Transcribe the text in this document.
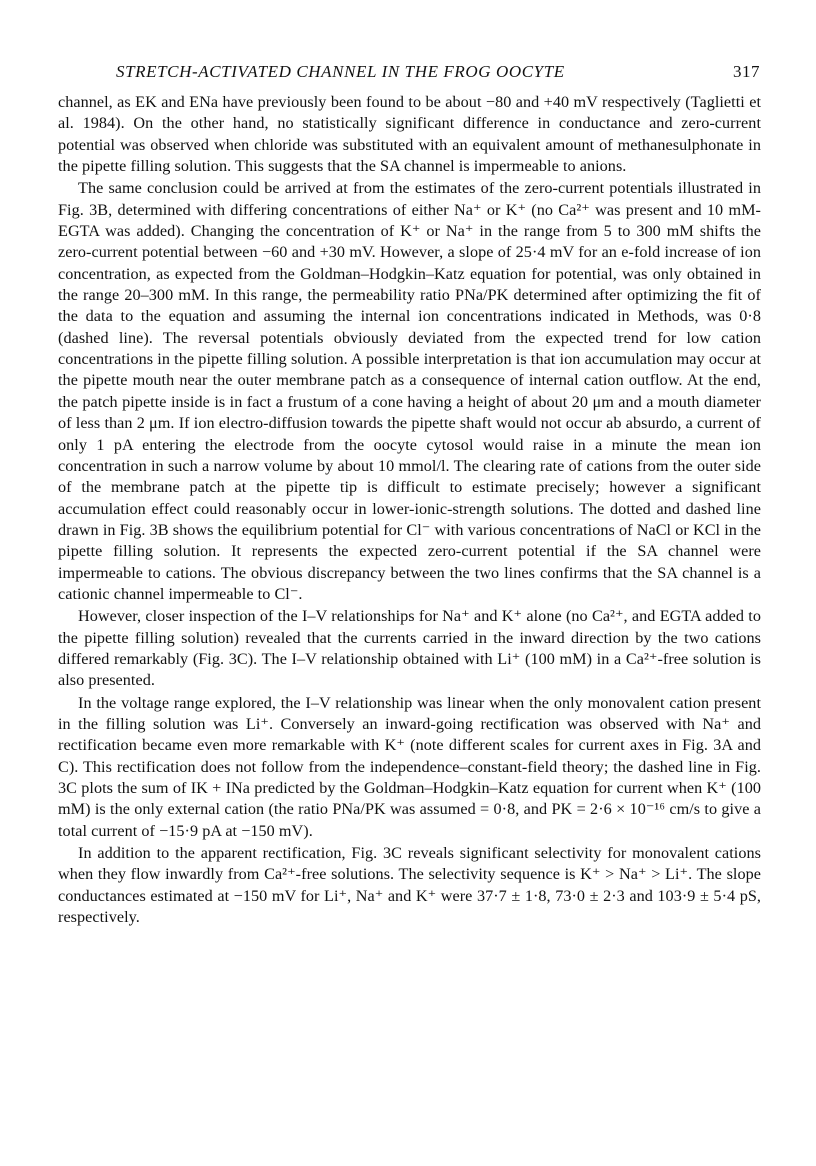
STRETCH-ACTIVATED CHANNEL IN THE FROG OOCYTE	317

channel, as EK and ENa have previously been found to be about −80 and +40 mV respectively (Taglietti et al. 1984). On the other hand, no statistically significant difference in conductance and zero-current potential was observed when chloride was substituted with an equivalent amount of methanesulphonate in the pipette filling solution. This suggests that the SA channel is impermeable to anions.

The same conclusion could be arrived at from the estimates of the zero-current potentials illustrated in Fig. 3B, determined with differing concentrations of either Na⁺ or K⁺ (no Ca²⁺ was present and 10 mM-EGTA was added). Changing the concentration of K⁺ or Na⁺ in the range from 5 to 300 mM shifts the zero-current potential between −60 and +30 mV. However, a slope of 25·4 mV for an e-fold increase of ion concentration, as expected from the Goldman–Hodgkin–Katz equation for potential, was only obtained in the range 20–300 mM. In this range, the permeability ratio PNa/PK determined after optimizing the fit of the data to the equation and assuming the internal ion concentrations indicated in Methods, was 0·8 (dashed line). The reversal potentials obviously deviated from the expected trend for low cation concentrations in the pipette filling solution. A possible interpretation is that ion accumulation may occur at the pipette mouth near the outer membrane patch as a consequence of internal cation outflow. At the end, the patch pipette inside is in fact a frustum of a cone having a height of about 20 μm and a mouth diameter of less than 2 μm. If ion electro-diffusion towards the pipette shaft would not occur ab absurdo, a current of only 1 pA entering the electrode from the oocyte cytosol would raise in a minute the mean ion concentration in such a narrow volume by about 10 mmol/l. The clearing rate of cations from the outer side of the membrane patch at the pipette tip is difficult to estimate precisely; however a significant accumulation effect could reasonably occur in lower-ionic-strength solutions. The dotted and dashed line drawn in Fig. 3B shows the equilibrium potential for Cl⁻ with various concentrations of NaCl or KCl in the pipette filling solution. It represents the expected zero-current potential if the SA channel were impermeable to cations. The obvious discrepancy between the two lines confirms that the SA channel is a cationic channel impermeable to Cl⁻.

However, closer inspection of the I–V relationships for Na⁺ and K⁺ alone (no Ca²⁺, and EGTA added to the pipette filling solution) revealed that the currents carried in the inward direction by the two cations differed remarkably (Fig. 3C). The I–V relationship obtained with Li⁺ (100 mM) in a Ca²⁺-free solution is also presented.

In the voltage range explored, the I–V relationship was linear when the only monovalent cation present in the filling solution was Li⁺. Conversely an inward-going rectification was observed with Na⁺ and rectification became even more remarkable with K⁺ (note different scales for current axes in Fig. 3A and C). This rectification does not follow from the independence–constant-field theory; the dashed line in Fig. 3C plots the sum of IK + INa predicted by the Goldman–Hodgkin–Katz equation for current when K⁺ (100 mM) is the only external cation (the ratio PNa/PK was assumed = 0·8, and PK = 2·6 × 10⁻¹⁶ cm/s to give a total current of −15·9 pA at −150 mV).

In addition to the apparent rectification, Fig. 3C reveals significant selectivity for monovalent cations when they flow inwardly from Ca²⁺-free solutions. The selectivity sequence is K⁺ > Na⁺ > Li⁺. The slope conductances estimated at −150 mV for Li⁺, Na⁺ and K⁺ were 37·7 ± 1·8, 73·0 ± 2·3 and 103·9 ± 5·4 pS, respectively.
